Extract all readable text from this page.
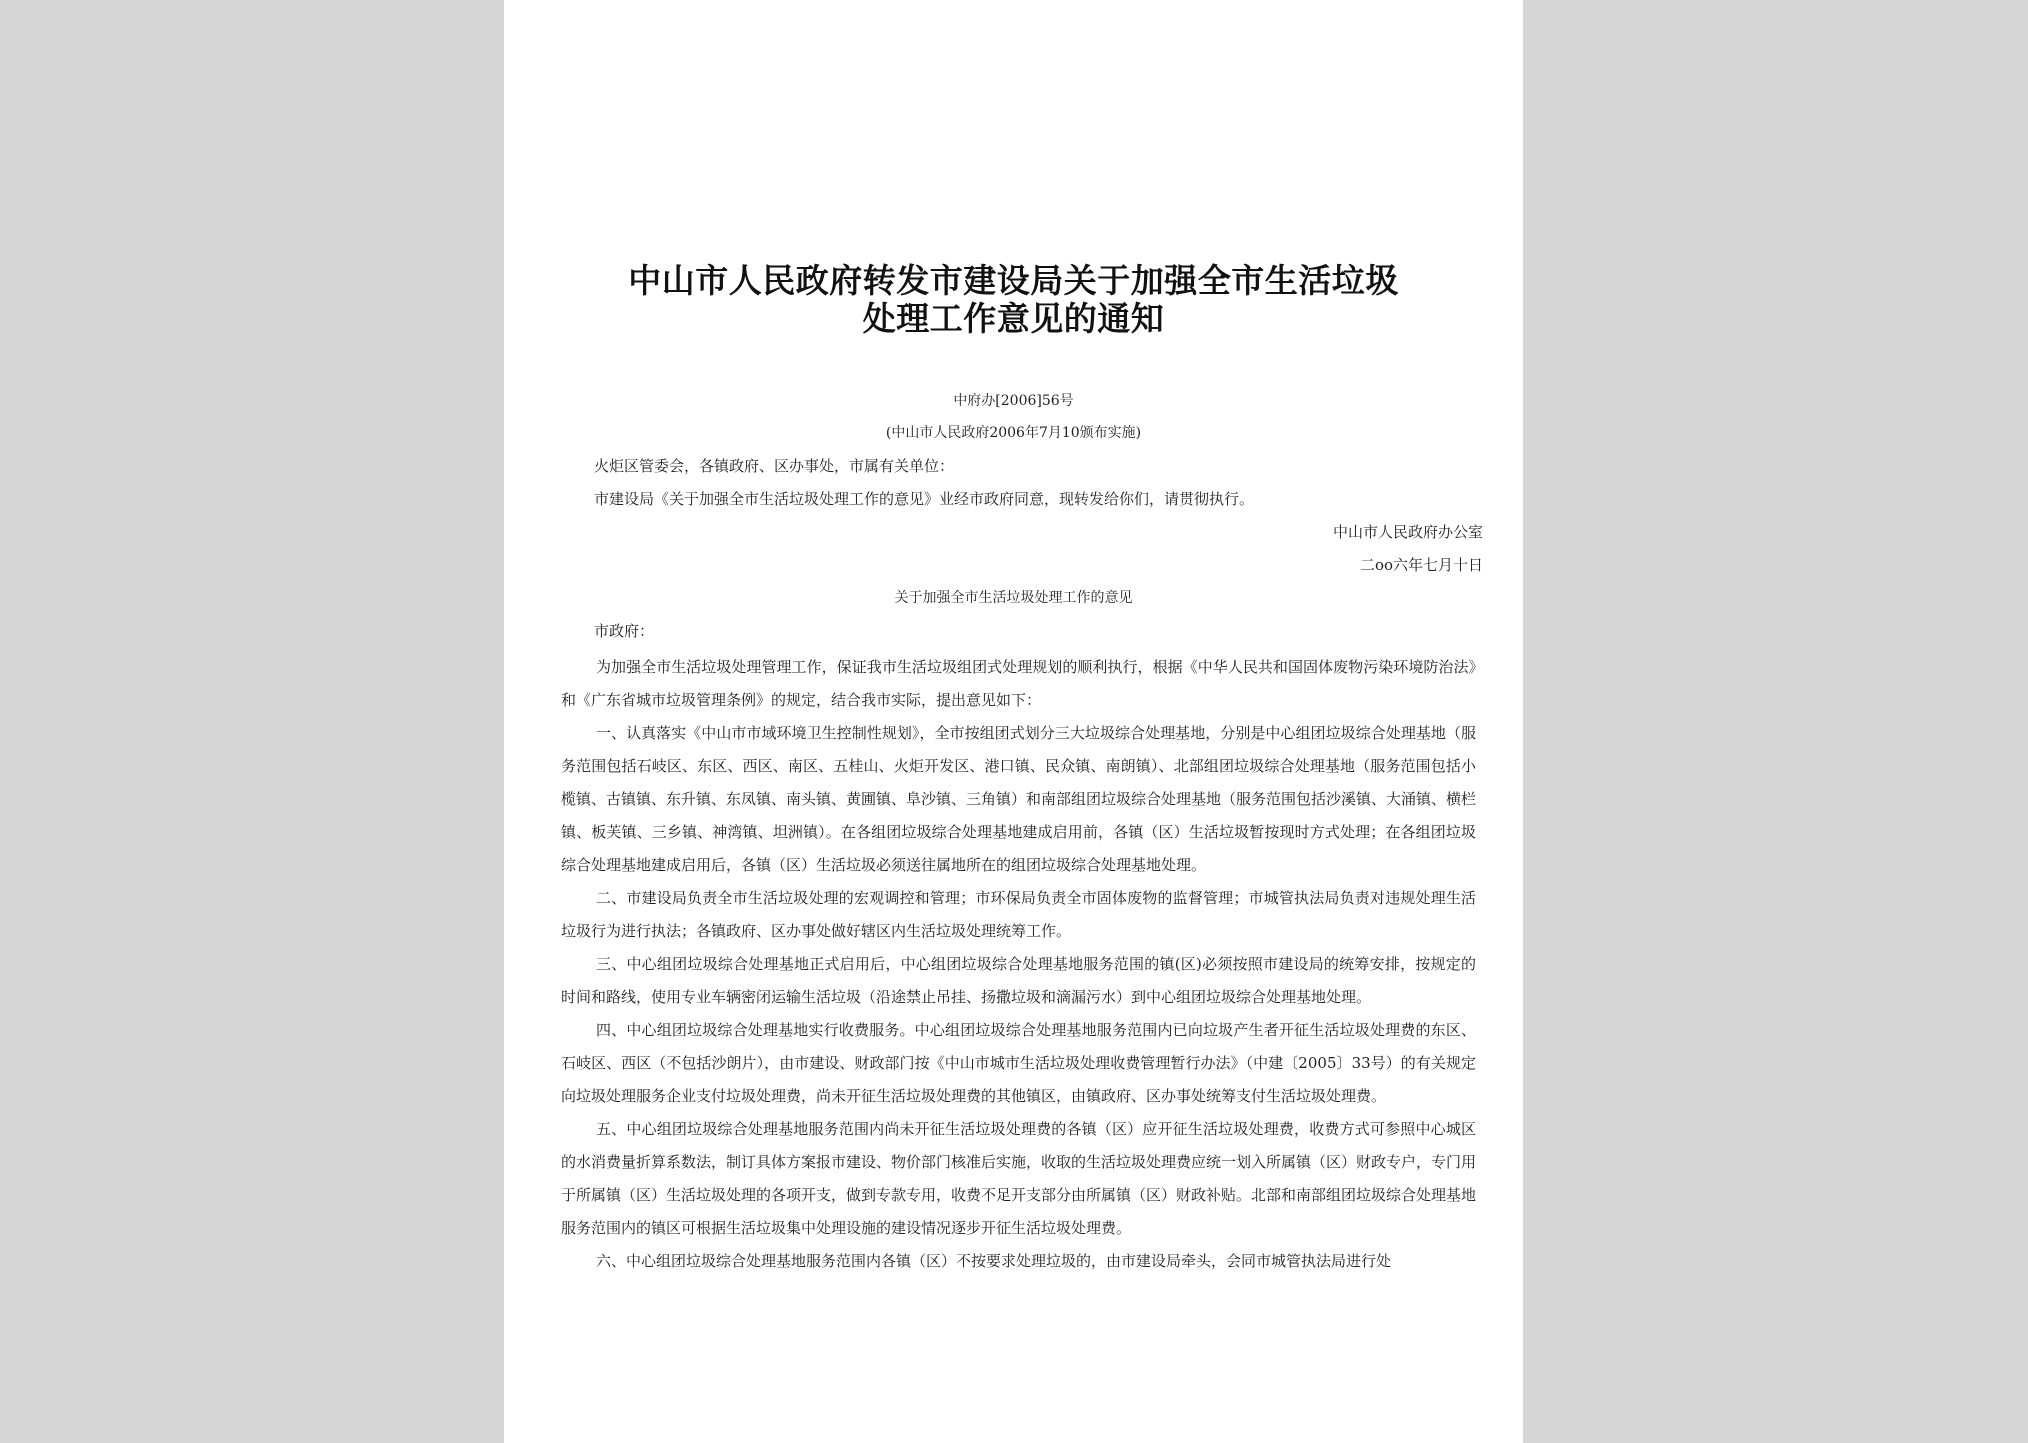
中山市人民政府转发市建设局关于加强全市生活垃圾
处理工作意见的通知
中府办[2006]56号
(中山市人民政府2006年7月10颁布实施)
火炬区管委会，各镇政府、区办事处，市属有关单位：
市建设局《关于加强全市生活垃圾处理工作的意见》业经市政府同意，现转发给你们，请贯彻执行。
中山市人民政府办公室
二oo六年七月十日
关于加强全市生活垃圾处理工作的意见
市政府：

为加强全市生活垃圾处理管理工作，保证我市生活垃圾组团式处理规划的顺利执行，根据《中华人民共和国固体废物污染环境防治法》和《广东省城市垃圾管理条例》的规定，结合我市实际，提出意见如下：

一、认真落实《中山市市域环境卫生控制性规划》，全市按组团式划分三大垃圾综合处理基地，分别是中心组团垃圾综合处理基地（服务范围包括石岐区、东区、西区、南区、五桂山、火炬开发区、港口镇、民众镇、南朗镇）、北部组团垃圾综合处理基地（服务范围包括小榄镇、古镇镇、东升镇、东凤镇、南头镇、黄圃镇、阜沙镇、三角镇）和南部组团垃圾综合处理基地（服务范围包括沙溪镇、大涌镇、横栏镇、板芙镇、三乡镇、神湾镇、坦洲镇）。在各组团垃圾综合处理基地建成启用前，各镇（区）生活垃圾暂按现时方式处理；在各组团垃圾综合处理基地建成启用后，各镇（区）生活垃圾必须送往属地所在的组团垃圾综合处理基地处理。

二、市建设局负责全市生活垃圾处理的宏观调控和管理；市环保局负责全市固体废物的监督管理；市城管执法局负责对违规处理生活垃圾行为进行执法；各镇政府、区办事处做好辖区内生活垃圾处理统筹工作。

三、中心组团垃圾综合处理基地正式启用后，中心组团垃圾综合处理基地服务范围的镇(区)必须按照市建设局的统筹安排，按规定的时间和路线，使用专业车辆密闭运输生活垃圾（沿途禁止吊挂、扬撒垃圾和滴漏污水）到中心组团垃圾综合处理基地处理。

四、中心组团垃圾综合处理基地实行收费服务。中心组团垃圾综合处理基地服务范围内已向垃圾产生者开征生活垃圾处理费的东区、石岐区、西区（不包括沙朗片），由市建设、财政部门按《中山市城市生活垃圾处理收费管理暂行办法》（中建〔2005〕33号）的有关规定向垃圾处理服务企业支付垃圾处理费，尚未开征生活垃圾处理费的其他镇区，由镇政府、区办事处统筹支付生活垃圾处理费。

五、中心组团垃圾综合处理基地服务范围内尚未开征生活垃圾处理费的各镇（区）应开征生活垃圾处理费，收费方式可参照中心城区的水消费量折算系数法，制订具体方案报市建设、物价部门核准后实施，收取的生活垃圾处理费应统一划入所属镇（区）财政专户，专门用于所属镇（区）生活垃圾处理的各项开支，做到专款专用，收费不足开支部分由所属镇（区）财政补贴。北部和南部组团垃圾综合处理基地服务范围内的镇区可根据生活垃圾集中处理设施的建设情况逐步开征生活垃圾处理费。

六、中心组团垃圾综合处理基地服务范围内各镇（区）不按要求处理垃圾的，由市建设局牵头，会同市城管执法局进行处
